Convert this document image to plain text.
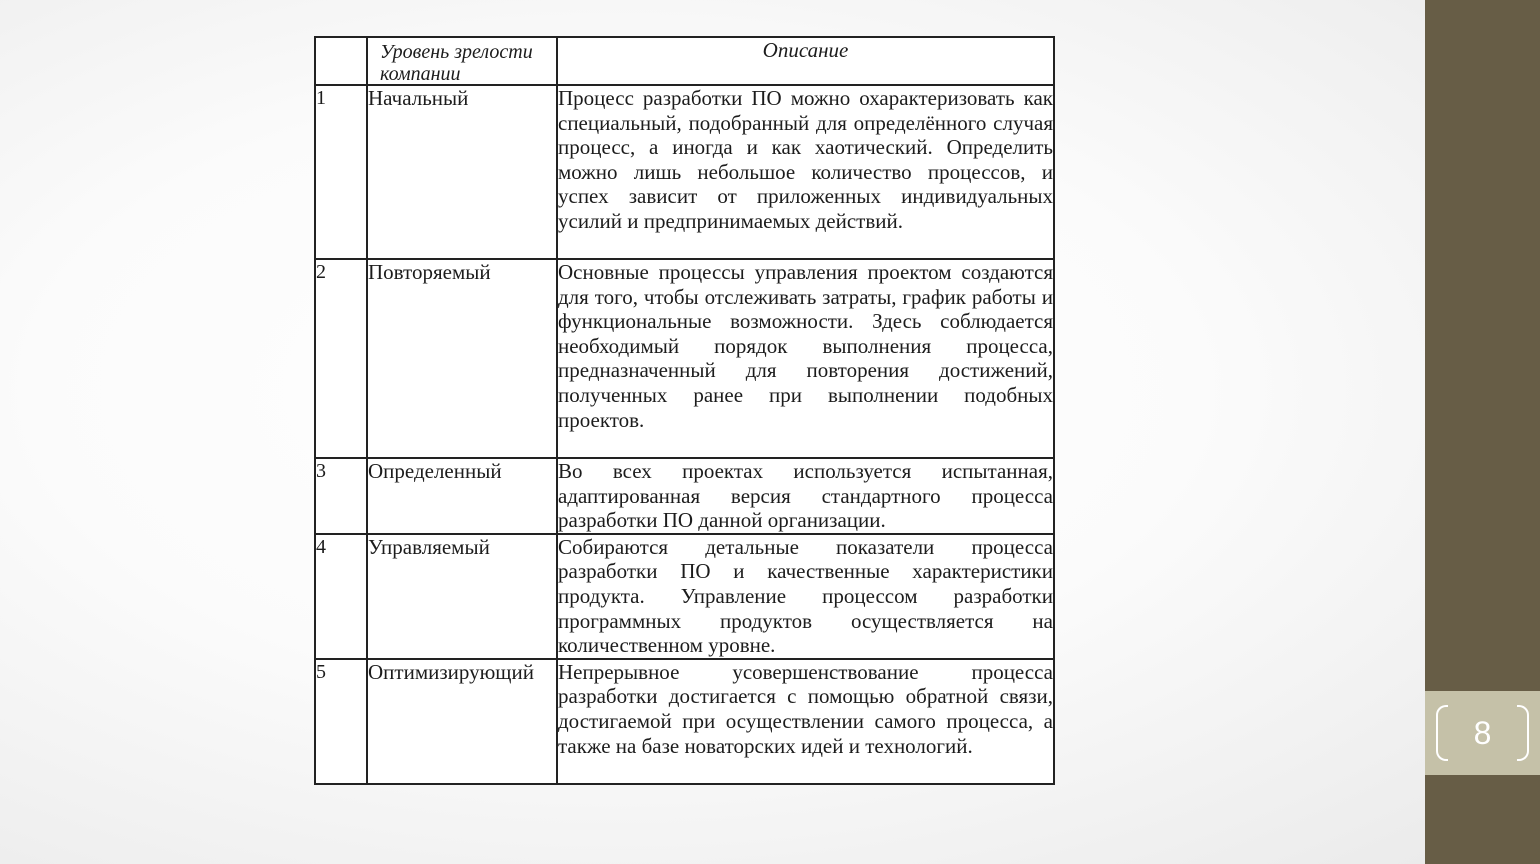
8

	Уровень зрелости компании	Описание
1	Начальный	Процесс разработки ПО можно охарактеризовать как специальный, подобранный для определённого случая процесс, а иногда и как хаотический. Определить можно лишь небольшое количество процессов, и успех зависит от приложенных индивидуальных усилий и предпринимаемых действий.
2	Повторяемый	Основные процессы управления проектом создаются для того, чтобы отслеживать затраты, график работы и функциональные возможности. Здесь соблюдается необходимый порядок выполнения процесса, предназначенный для повторения достижений, полученных ранее при выполнении подобных проектов.
3	Определенный	Во всех проектах используется испытанная, адаптированная версия стандартного процесса разработки ПО данной организации.
4	Управляемый	Собираются детальные показатели процесса разработки ПО и качественные характеристики продукта. Управление процессом разработки программных продуктов осуществляется на количественном уровне.
5	Оптимизирующий	Непрерывное усовершенствование процесса разработки достигается с помощью обратной связи, достигаемой при осуществлении самого процесса, а также на базе новаторских идей и технологий.
